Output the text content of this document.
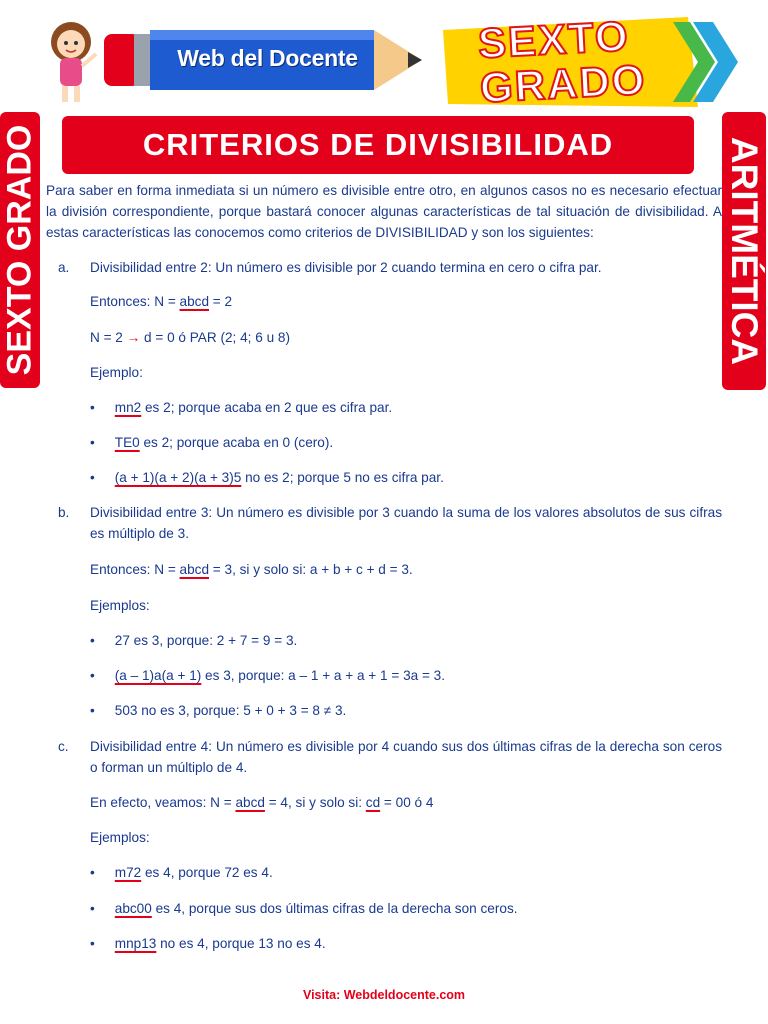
Web del Docente	SEXTO
GRADO
SEXTO GRADO	ARITMÉTICA
CRITERIOS DE DIVISIBILIDAD
Para saber en forma inmediata si un número es divisible entre otro, en algunos casos no es necesario efectuar la división correspondiente, porque bastará conocer algunas características de tal situación de divisibilidad. A estas características las conocemos como criterios de DIVISIBILIDAD y son los siguientes:
a. Divisibilidad entre 2: Un número es divisible por 2 cuando termina en cero o cifra par.
Entonces: N = abcd = 2
N = 2 → d = 0 ó PAR (2; 4; 6 u 8)
Ejemplo:
• mn2 es 2; porque acaba en 2 que es cifra par.
• TE0 es 2; porque acaba en 0 (cero).
• (a + 1)(a + 2)(a + 3)5 no es 2; porque 5 no es cifra par.
b. Divisibilidad entre 3: Un número es divisible por 3 cuando la suma de los valores absolutos de sus cifras es múltiplo de 3.
Entonces: N = abcd = 3, si y solo si: a + b + c + d = 3.
Ejemplos:
• 27 es 3, porque: 2 + 7 = 9 = 3.
• (a – 1)a(a + 1) es 3, porque: a – 1 + a + a + 1 = 3a = 3.
• 503 no es 3, porque: 5 + 0 + 3 = 8 ≠ 3.
c. Divisibilidad entre 4: Un número es divisible por 4 cuando sus dos últimas cifras de la derecha son ceros o forman un múltiplo de 4.
En efecto, veamos: N = abcd = 4, si y solo si: cd = 00 ó 4
Ejemplos:
• m72 es 4, porque 72 es 4.
• abc00 es 4, porque sus dos últimas cifras de la derecha son ceros.
• mnp13 no es 4, porque 13 no es 4.
Visita: Webdeldocente.com
